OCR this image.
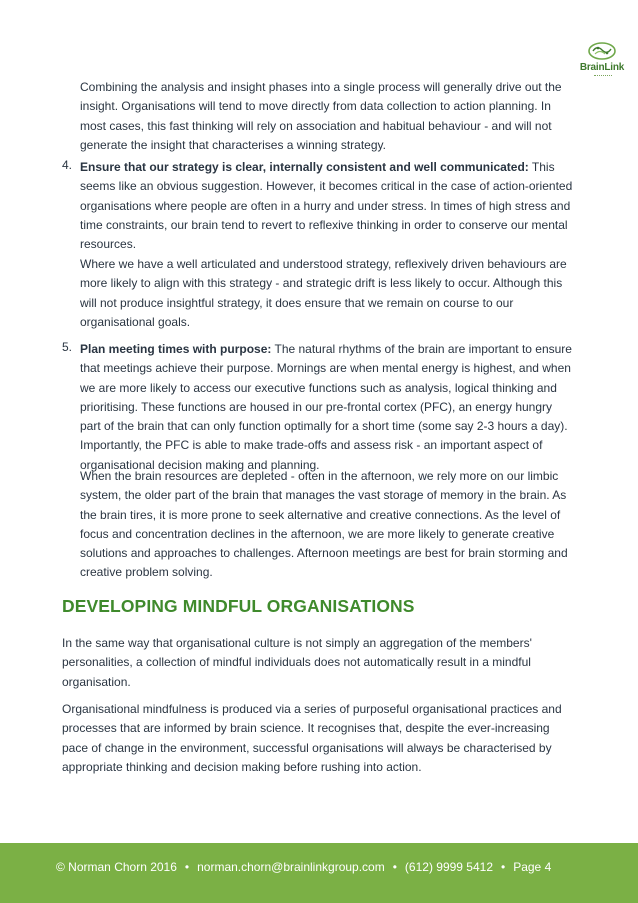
BrainLink

Combining the analysis and insight phases into a single process will generally drive out the insight. Organisations will tend to move directly from data collection to action planning. In most cases, this fast thinking will rely on association and habitual behaviour - and will not generate the insight that characterises a winning strategy.

4. Ensure that our strategy is clear, internally consistent and well communicated: This seems like an obvious suggestion. However, it becomes critical in the case of action-oriented organisations where people are often in a hurry and under stress. In times of high stress and time constraints, our brain tend to revert to reflexive thinking in order to conserve our mental resources.

Where we have a well articulated and understood strategy, reflexively driven behaviours are more likely to align with this strategy - and strategic drift is less likely to occur. Although this will not produce insightful strategy, it does ensure that we remain on course to our organisational goals.

5. Plan meeting times with purpose: The natural rhythms of the brain are important to ensure that meetings achieve their purpose. Mornings are when mental energy is highest, and when we are more likely to access our executive functions such as analysis, logical thinking and prioritising. These functions are housed in our pre-frontal cortex (PFC), an energy hungry part of the brain that can only function optimally for a short time (some say 2-3 hours a day). Importantly, the PFC is able to make trade-offs and assess risk - an important aspect of organisational decision making and planning.

When the brain resources are depleted - often in the afternoon, we rely more on our limbic system, the older part of the brain that manages the vast storage of memory in the brain. As the brain tires, it is more prone to seek alternative and creative connections. As the level of focus and concentration declines in the afternoon, we are more likely to generate creative solutions and approaches to challenges. Afternoon meetings are best for brain storming and creative problem solving.

DEVELOPING MINDFUL ORGANISATIONS

In the same way that organisational culture is not simply an aggregation of the members' personalities, a collection of mindful individuals does not automatically result in a mindful organisation.

Organisational mindfulness is produced via a series of purposeful organisational practices and processes that are informed by brain science. It recognises that, despite the ever-increasing pace of change in the environment, successful organisations will always be characterised by appropriate thinking and decision making before rushing into action.

© Norman Chorn 2016 • norman.chorn@brainlinkgroup.com • (612) 9999 5412 • Page 4
